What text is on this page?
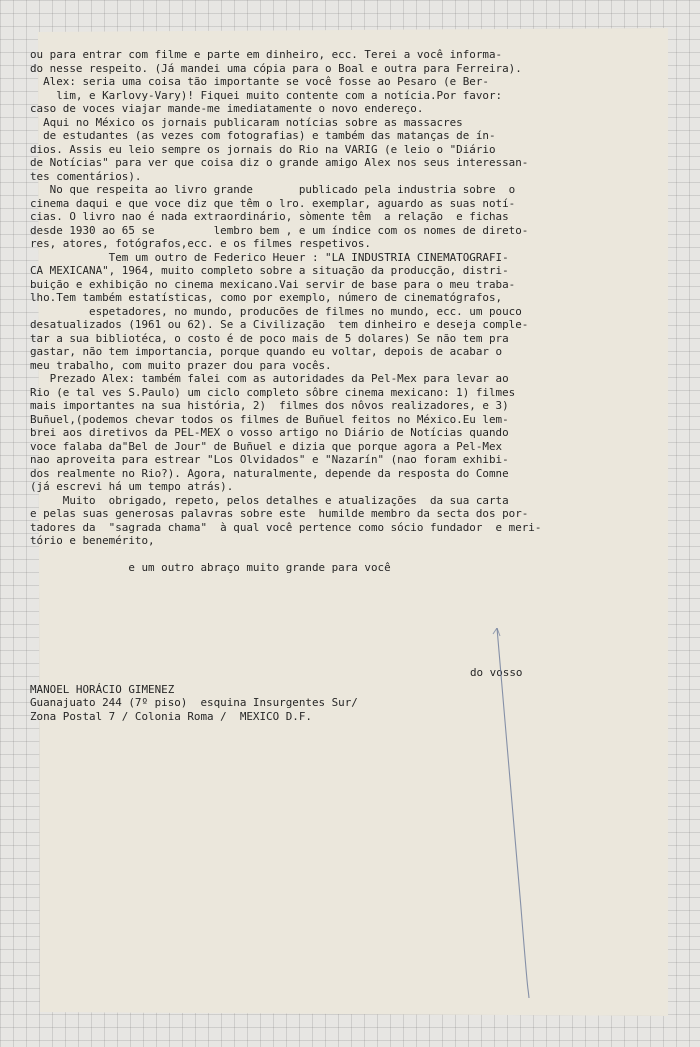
ou para entrar com filme e parte em dinheiro, ecc. Terei a você informa-
do nesse respeito. (Já mandei uma cópia para o Boal e outra para Ferreira).
Alex: seria uma coisa tão importante se você fosse ao Pesaro (e Ber-
lim, e Karlovy-Vary)! Fiquei muito contente com a notícia.Por favor:
caso de voces viajar mande-me imediatamente o novo endereço.
Aqui no México os jornais publicaram notícias sobre as massacres
de estudantes (as vezes com fotografias) e também das matanças de ín-
dios. Assis eu leio sempre os jornais do Rio na VARIG (e leio o "Diário
de Notícias" para ver que coisa diz o grande amigo Alex nos seus interessan-
tes comentários).
No que respeita ao livro grande       publicado pela industria sobre  o
cinema daqui e que voce diz que têm o lro. exemplar, aguardo as suas notí-
cias. O livro nao é nada extraordinário, sòmente têm  a relação  e fichas
desde 1930 ao 65 se         lembro bem , e um índice com os nomes de direto-
res, atores, fotógrafos,ecc. e os filmes respetivos.
Tem um outro de Federico Heuer : "LA INDUSTRIA CINEMATOGRAFI-
CA MEXICANA", 1964, muito completo sobre a situação da producção, distri-
buição e exhibição no cinema mexicano.Vai servir de base para o meu traba-
lho.Tem também estatísticas, como por exemplo, número de cinematógrafos,
espetadores, no mundo, producões de filmes no mundo, ecc. um pouco
desatualizados (1961 ou 62). Se a Civilização  tem dinheiro e deseja comple-
tar a sua bibliotéca, o costo é de poco mais de 5 dolares) Se não tem pra
gastar, não tem importancia, porque quando eu voltar, depois de acabar o
meu trabalho, com muito prazer dou para vocês.
Prezado Alex: também falei com as autoridades da Pel-Mex para levar ao
Rio (e tal ves S.Paulo) um ciclo completo sôbre cinema mexicano: 1) filmes
mais importantes na sua história, 2)  filmes dos nôvos realizadores, e 3)
Buñuel,(podemos chevar todos os filmes de Buñuel feitos no México.Eu lem-
brei aos diretivos da PEL-MEX o vosso artigo no Diário de Notícias quando
voce falaba da"Bel de Jour" de Buñuel e dizia que porque agora a Pel-Mex
nao aproveita para estrear "Los Olvidados" e "Nazarín" (nao foram exhibi-
dos realmente no Rio?). Agora, naturalmente, depende da resposta do Comne
(já escrevi há um tempo atrás).
Muito  obrigado, repeto, pelos detalhes e atualizações  da sua carta
e pelas suas generosas palavras sobre este  humilde membro da secta dos por-
tadores da  "sagrada chama"  à qual você pertence como sócio fundador  e meri-
tório e benemérito,
e um outro abraço muito grande para você
MANOEL HORÁCIO GIMENEZ
Guanajuato 244 (7º piso)  esquina Insurgentes Sur/
Zona Postal 7 / Colonia Roma /  MEXICO D.F.
do vosso
